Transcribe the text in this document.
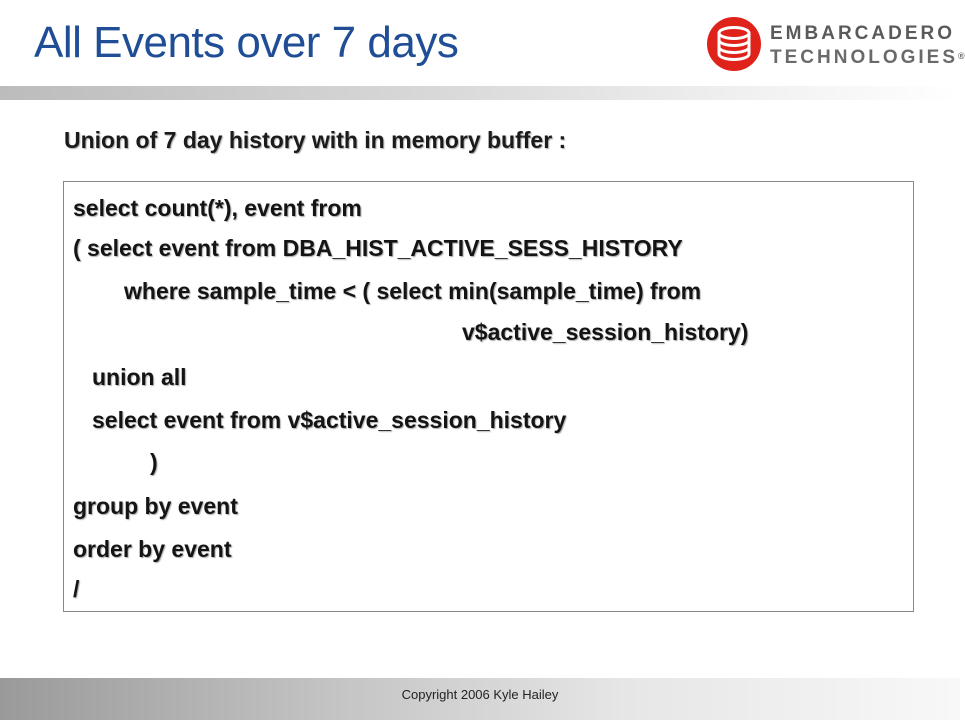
All Events over 7 days	EMBARCADERO
TECHNOLOGIES®

Union of 7 day history with in memory buffer :

select count(*), event from
( select event from DBA_HIST_ACTIVE_SESS_HISTORY
where sample_time < ( select min(sample_time) from
v$active_session_history)
union all
select event from v$active_session_history
)
group by event
order by event
/
Copyright 2006 Kyle Hailey
